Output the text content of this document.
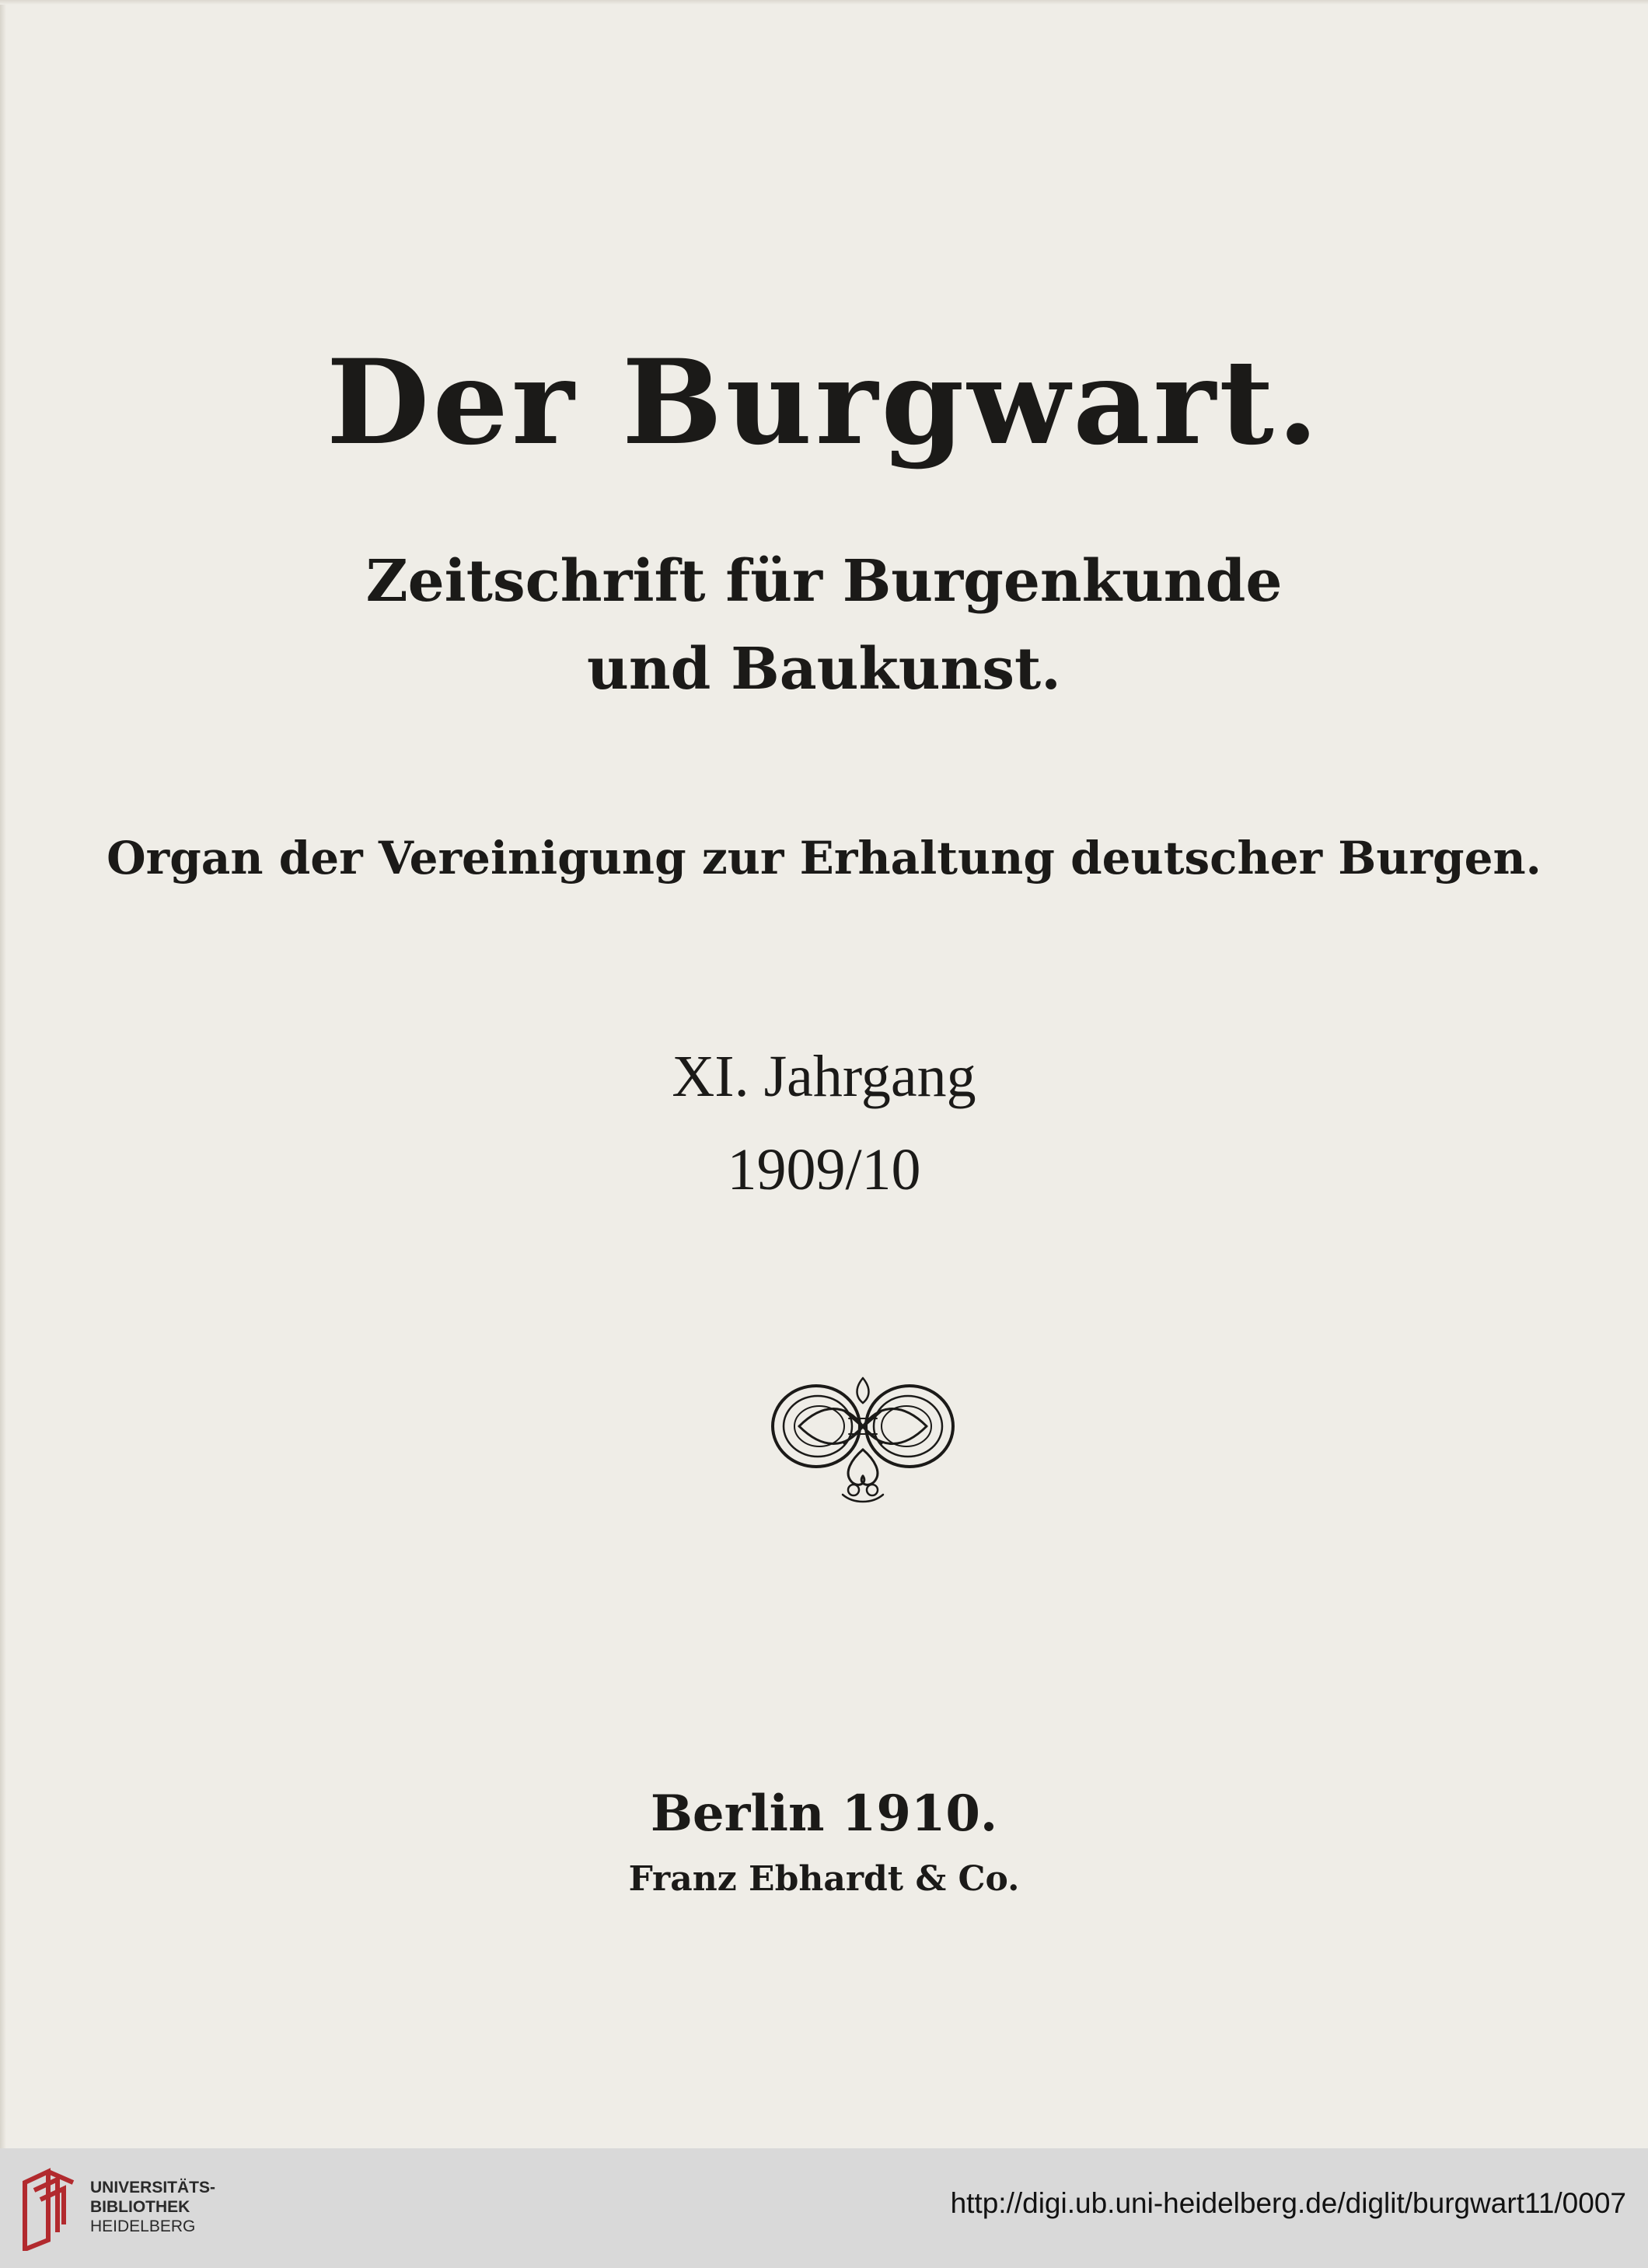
Der Burgwart.
Zeitschrift für Burgenkunde
und Baukunst.
Organ der Vereinigung zur Erhaltung deutscher Burgen.
XI. Jahrgang
1909/10
Berlin 1910.
Franz Ebhardt & Co.
UNIVERSITÄTS-
BIBLIOTHEK
HEIDELBERG
http://digi.ub.uni-heidelberg.de/diglit/burgwart11/0007
